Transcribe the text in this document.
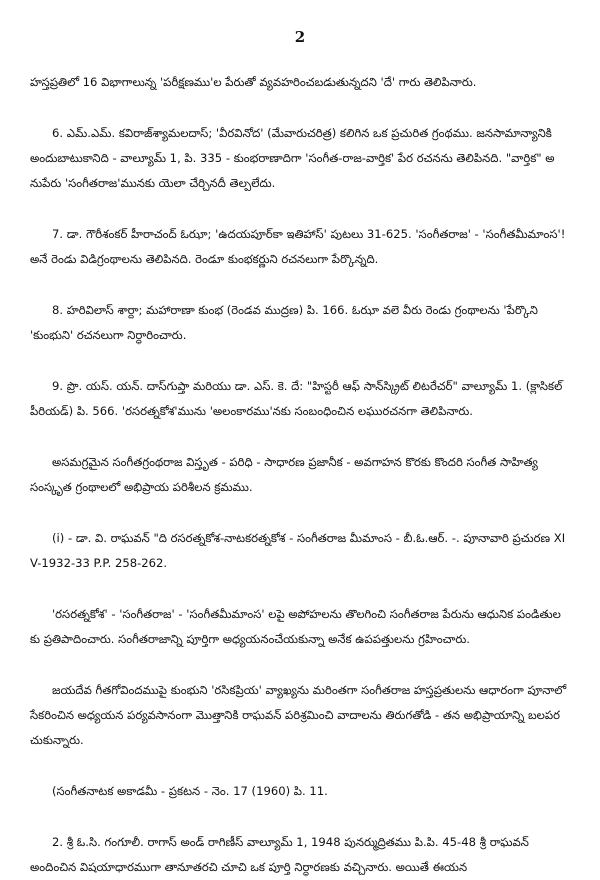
2

హస్తప్రతిలో 16 విభాగాలున్న 'పరీక్షణము'ల పేరుతో వ్యవహరించబడుతున్నదని 'దే' గారు తెలిపినారు.

6. ఎమ్.ఎమ్. కవిరాజ్‌శ్యామలదాస్; 'వీరవినోద' (మేవారుచరిత్ర) కలిగిన ఒక ప్రచురిత గ్రంథము. జనసామాన్యానికి అందుబాటుకానిది - వాల్యూమ్ 1, పి. 335 - కుంభరాణాదిగా 'సంగీత-రాజ-వార్తిక' పేర రచనను తెలిపినది. "వార్తిక" అనుపేరు 'సంగీతరాజ'మునకు యెలా చేర్చినదీ తెల్పలేదు.

7. డా. గౌరీశంకర్ హీరాచంద్ ఓఝా; 'ఉదయపూర్‌కా ఇతిహాస్' పుటలు 31-625. 'సంగీతరాజ' - 'సంగీతమీమాంస'! అనే రెండు విడిగ్రంథాలను తెలిపినది. రెండూ కుంభకర్ణుని రచనలుగా పేర్కొన్నది.

8. హరివిలాస్ శార్దా; మహారాణా కుంభ (రెండవ ముద్రణ) పి. 166. ఓఝా వలె వీరు రెండు గ్రంథాలను 'పేర్కొని 'కుంభుని' రచనలుగా నిర్ధారించారు.

9. ప్రొ. యస్. యన్. దాస్‌గుప్తా మరియు డా. ఎస్. కె. దే: "హిస్టరీ ఆఫ్ సాన్‌స్క్రిట్ లిటరేచర్" వాల్యూమ్ 1. (క్లాసికల్ పీరియడ్) పి. 566. 'రసరత్నకోశ'మును 'అలంకారము'నకు సంబంధించిన లఘురచనగా తెలిపినారు.

అసమగ్రమైన సంగీతగ్రంథరాజ విస్తృత - పరిధి - సాధారణ ప్రజానీక - అవగాహన కొరకు కొందరి సంగీత సాహిత్య సంస్కృత గ్రంథాలలో అభిప్రాయ పరిశీలన క్రమము.

(i) - డా. వి. రాఘవన్ "ది రసరత్నకోశ-నాటకరత్నకోశ - సంగీతరాజ మీమాంస - బీ.ఓ.ఆర్. -. పూనావారి ప్రచురణ XIV-1932-33 P.P. 258-262.

'రసరత్నకోశ' - 'సంగీతరాజ' - 'సంగీతమీమాంస' లపై అపోహలను తొలగించి సంగీతరాజ పేరును ఆధునిక పండితులకు ప్రతిపాదించారు. సంగీతరాజాన్ని పూర్తిగా అధ్యయనంచేయకున్నా అనేక ఉపపత్తులను గ్రహించారు.

జయదేవ గీతగోవిందముపై కుంభుని 'రసికప్రియ' వ్యాఖ్యను మరింతగా సంగీతరాజ హస్తప్రతులను ఆధారంగా పూనాలో సేకరించిన అధ్యయన పర్యవసానంగా మొత్తానికి రాఘవన్ పరిశ్రమించి వాదాలను తిరుగతోడి - తన అభిప్రాయాన్ని బలపరచుకున్నారు.

(సంగీతనాటక అకాడమీ - ప్రకటన - నెం. 17 (1960) పి. 11.

2. శ్రీ ఓ.సి. గంగూలీ. రాగాస్ అండ్ రాగిణీస్ వాల్యూమ్ 1, 1948 పునర్ముద్రితము పి.పి. 45-48 శ్రీ రాఘవన్ అందించిన విషయాధారముగా తానూతరచి చూచి ఒక పూర్తి నిర్ధారణకు వచ్చినారు. అయితే ఈయన
